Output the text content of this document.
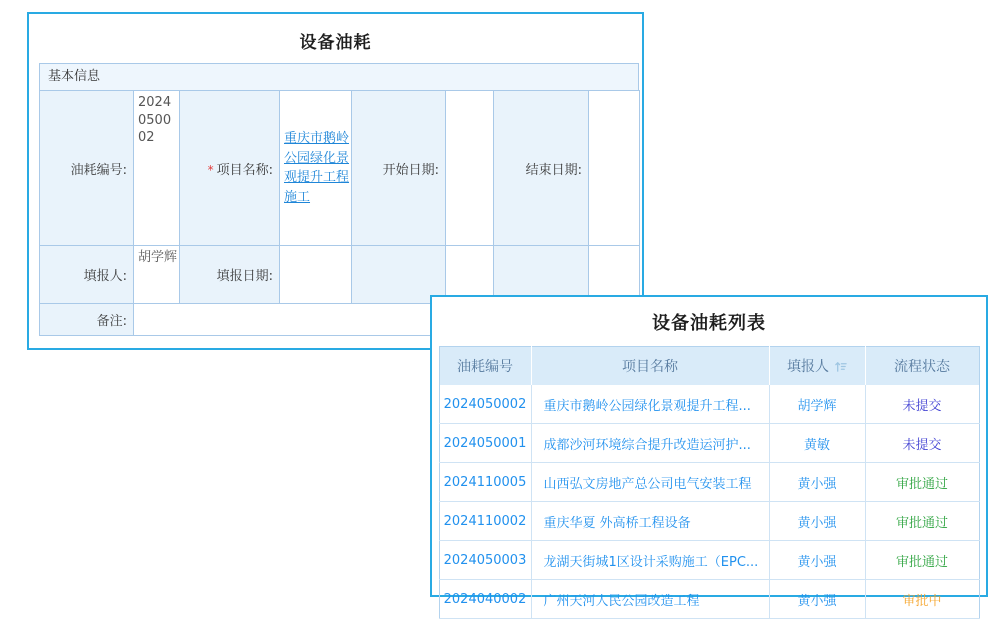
设备油耗
基本信息
油耗编号:	2024050002	* 项目名称:	重庆市鹅岭公园绿化景观提升工程施工	开始日期:		结束日期:	
填报人:	胡学辉	填报日期:					
备注:								设备油耗列表
油耗编号	项目名称	填报人	流程状态
2024050002	重庆市鹅岭公园绿化景观提升工程...	胡学辉	未提交
2024050001	成都沙河环境综合提升改造运河护...	黄敏	未提交
2024110005	山西弘文房地产总公司电气安装工程	黄小强	审批通过
2024110002	重庆华夏 外高桥工程设备	黄小强	审批通过
2024050003	龙湖天街城1区设计采购施工（EPC...	黄小强	审批通过
2024040002	广州天河人民公园改造工程	黄小强	审批中
